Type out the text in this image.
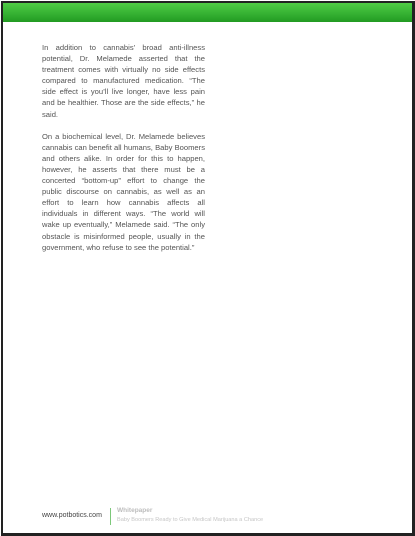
In addition to cannabis’ broad anti-illness potential, Dr. Melamede asserted that the treatment comes with virtually no side effects compared to manufactured medication. “The side effect is you’ll live longer, have less pain and be healthier. Those are the side effects,” he said.

On a biochemical level, Dr. Melamede believes cannabis can benefit all humans, Baby Boomers and others alike. In order for this to happen, however, he asserts that there must be a concerted “bottom-up” effort to change the public discourse on cannabis, as well as an effort to learn how cannabis affects all individuals in different ways. “The world will wake up eventually,” Melamede said. “The only obstacle is misinformed people, usually in the government, who refuse to see the potential.”

www.potbotics.com
Whitepaper
Baby Boomers Ready to Give Medical Marijuana a Chance
